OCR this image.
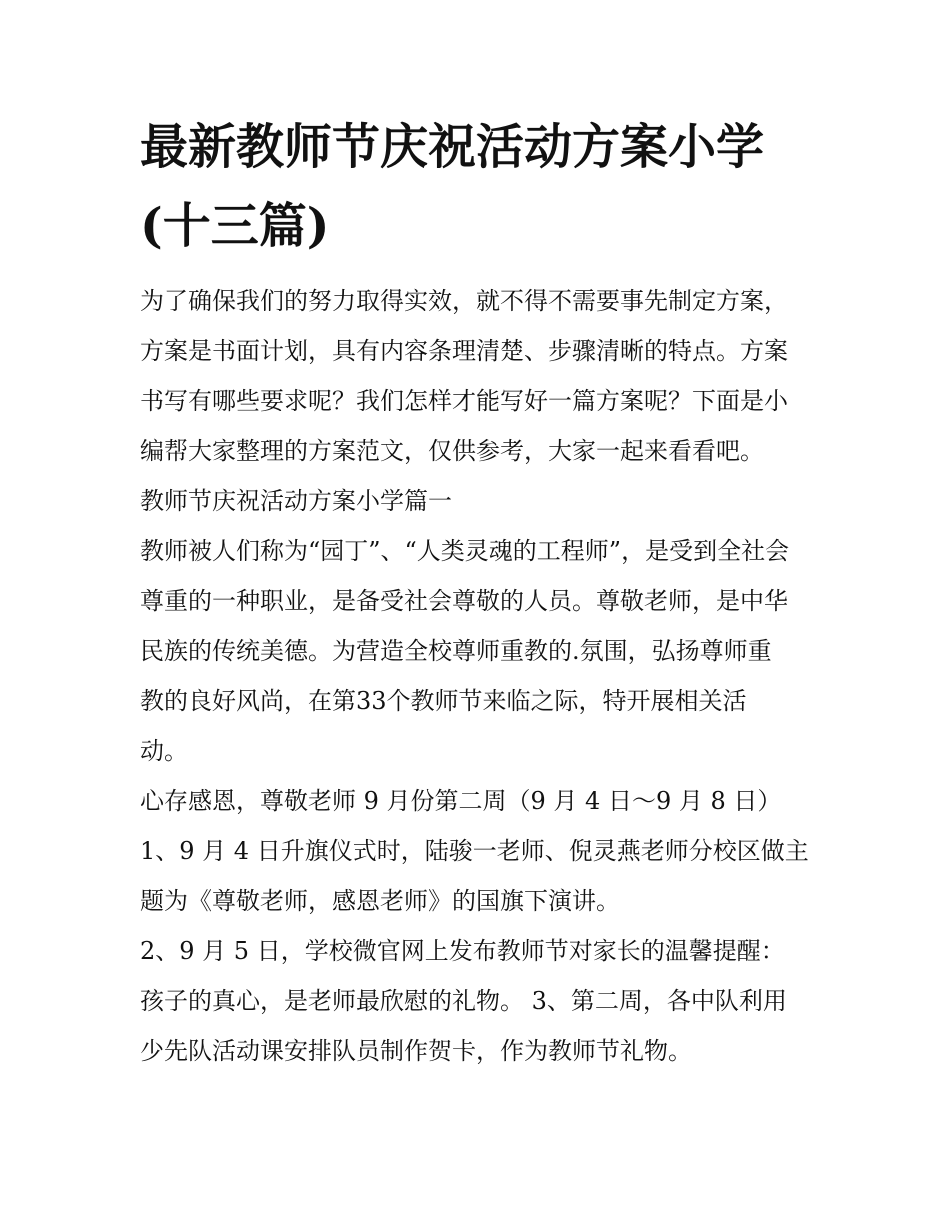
最新教师节庆祝活动方案小学
(十三篇)

为了确保我们的努力取得实效，就不得不需要事先制定方案，

方案是书面计划，具有内容条理清楚、步骤清晰的特点。方案

书写有哪些要求呢？我们怎样才能写好一篇方案呢？下面是小

编帮大家整理的方案范文，仅供参考，大家一起来看看吧。

教师节庆祝活动方案小学篇一

教师被人们称为“园丁”、“人类灵魂的工程师”，是受到全社会

尊重的一种职业，是备受社会尊敬的人员。尊敬老师，是中华

民族的传统美德。为营造全校尊师重教的.氛围，弘扬尊师重

教的良好风尚，在第33个教师节来临之际，特开展相关活

动。

心存感恩，尊敬老师 9 月份第二周（9 月 4 日～9 月 8 日）

1、9 月 4 日升旗仪式时，陆骏一老师、倪灵燕老师分校区做主

题为《尊敬老师，感恩老师》的国旗下演讲。

2、9 月 5 日，学校微官网上发布教师节对家长的温馨提醒：

孩子的真心，是老师最欣慰的礼物。 3、第二周，各中队利用

少先队活动课安排队员制作贺卡，作为教师节礼物。
